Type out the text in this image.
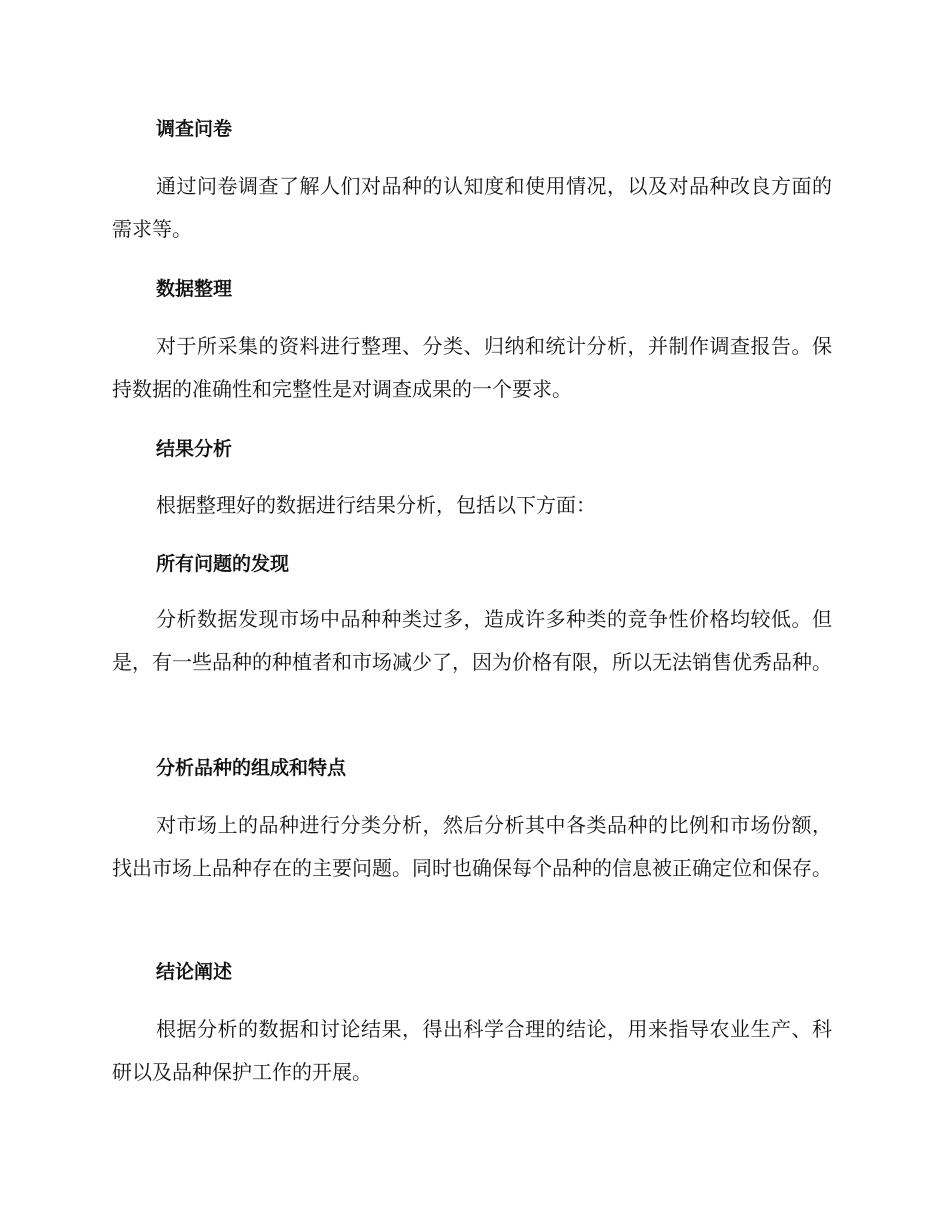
调查问卷

通过问卷调查了解人们对品种的认知度和使用情况，以及对品种改良方面的需求等。

数据整理

对于所采集的资料进行整理、分类、归纳和统计分析，并制作调查报告。保持数据的准确性和完整性是对调查成果的一个要求。

结果分析

根据整理好的数据进行结果分析，包括以下方面：

所有问题的发现

分析数据发现市场中品种种类过多，造成许多种类的竞争性价格均较低。但是，有一些品种的种植者和市场减少了，因为价格有限，所以无法销售优秀品种。

分析品种的组成和特点

对市场上的品种进行分类分析，然后分析其中各类品种的比例和市场份额，找出市场上品种存在的主要问题。同时也确保每个品种的信息被正确定位和保存。

结论阐述

根据分析的数据和讨论结果，得出科学合理的结论，用来指导农业生产、科研以及品种保护工作的开展。
